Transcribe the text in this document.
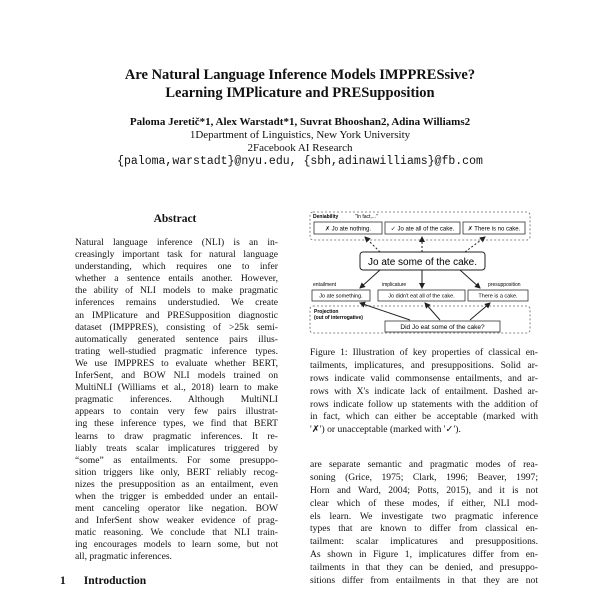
Are Natural Language Inference Models IMPPRESsive?
Learning IMPlicature and PRESupposition
Paloma Jeretič*1, Alex Warstadt*1, Suvrat Bhooshan2, Adina Williams2
1Department of Linguistics, New York University
2Facebook AI Research
{paloma,warstadt}@nyu.edu, {sbh,adinawilliams}@fb.com
Abstract
Natural language inference (NLI) is an in-
creasingly important task for natural language
understanding, which requires one to infer
whether a sentence entails another. However,
the ability of NLI models to make pragmatic
inferences remains understudied. We create
an IMPlicature and PRESupposition diagnostic
dataset (IMPPRES), consisting of >25k semi-
automatically generated sentence pairs illus-
trating well-studied pragmatic inference types.
We use IMPPRES to evaluate whether BERT,
InferSent, and BOW NLI models trained on
MultiNLI (Williams et al., 2018) learn to make
pragmatic inferences. Although MultiNLI
appears to contain very few pairs illustrat-
ing these inference types, we find that BERT
learns to draw pragmatic inferences. It re-
liably treats scalar implicatures triggered by
“some” as entailments. For some presuppo-
sition triggers like only, BERT reliably recog-
nizes the presupposition as an entailment, even
when the trigger is embedded under an entail-
ment canceling operator like negation. BOW
and InferSent show weaker evidence of prag-
matic reasoning. We conclude that NLI train-
ing encourages models to learn some, but not
all, pragmatic inferences.
1 Introduction
Deniability	"In fact,..."
✗ Jo ate nothing.	✓ Jo ate all of the cake. ✗ There is no cake.
Jo ate some of the cake.
entailment	implicature	presupposition
Jo ate something.	Jo didn't eat all of the cake.	There is a cake.
Projection
(out of interrogative)
Did Jo eat some of the cake?
Figure 1: Illustration of key properties of classical en-
tailments, implicatures, and presuppositions. Solid ar-
rows indicate valid commonsense entailments, and ar-
rows with X's indicate lack of entailment. Dashed ar-
rows indicate follow up statements with the addition of
in fact, which can either be acceptable (marked with
'✗') or unacceptable (marked with '✓').
are separate semantic and pragmatic modes of rea-
soning (Grice, 1975; Clark, 1996; Beaver, 1997;
Horn and Ward, 2004; Potts, 2015), and it is not
clear which of these modes, if either, NLI mod-
els learn. We investigate two pragmatic inference
types that are known to differ from classical en-
tailment: scalar implicatures and presuppositions.
As shown in Figure 1, implicatures differ from en-
tailments in that they can be denied, and presuppo-
sitions differ from entailments in that they are not
